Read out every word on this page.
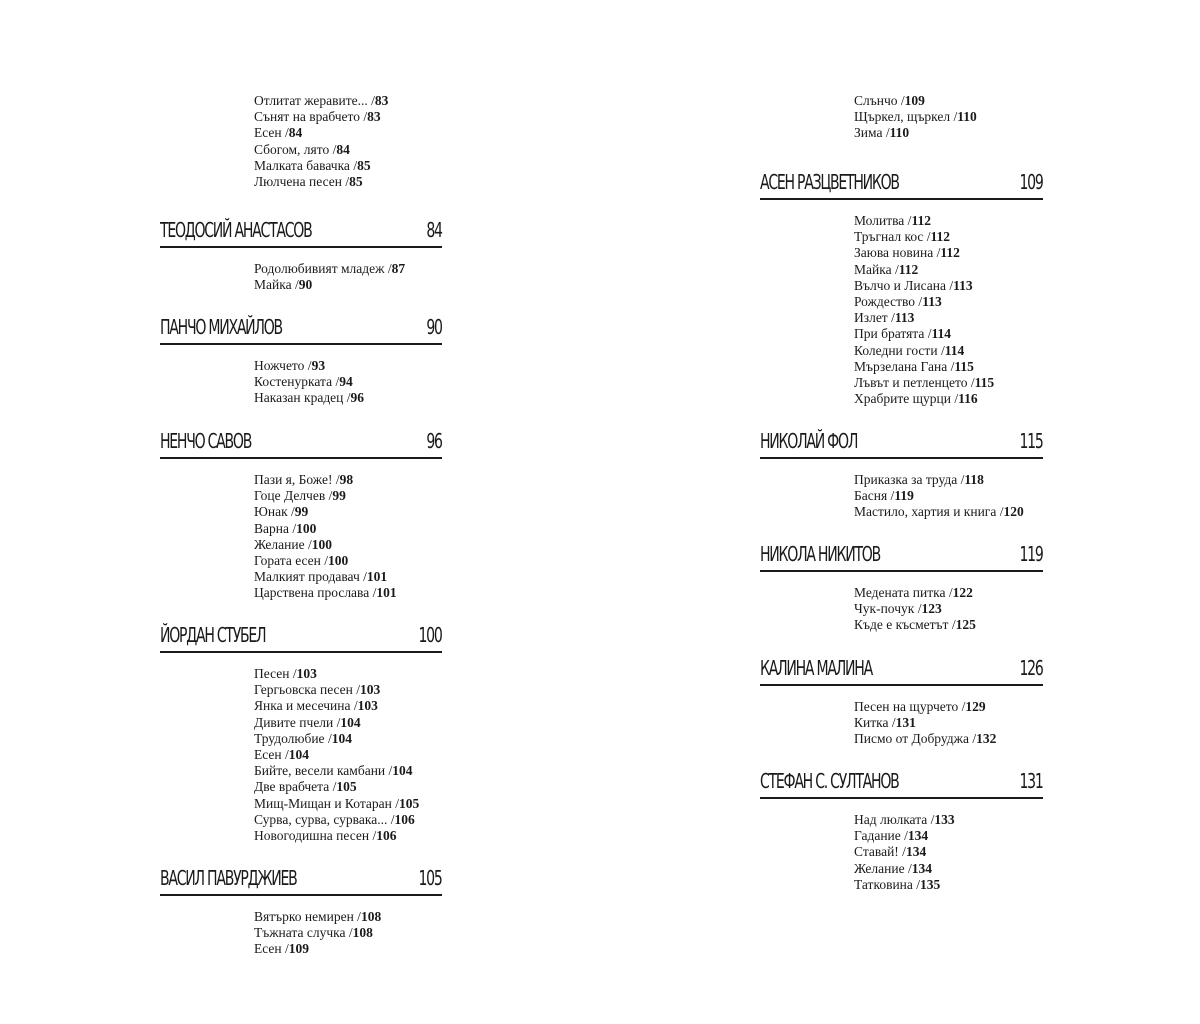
Отлитат жеравите... /83
Сънят на врабчето /83
Есен /84
Сбогом, лято /84
Малката бавачка /85
Люлчена песен /85
ТЕОДОСИЙ АНАСТАСОВ	84
Родолюбивият младеж /87
Майка /90
ПАНЧО МИХАЙЛОВ	90
Ножчето /93
Костенурката /94
Наказан крадец /96
НЕНЧО САВОВ	96
Пази я, Боже! /98
Гоце Делчев /99
Юнак /99
Варна /100
Желание /100
Гората есен /100
Малкият продавач /101
Царствена прослава /101
ЙОРДАН СТУБЕЛ	100
Песен /103
Гергьовска песен /103
Янка и месечина /103
Дивите пчели /104
Трудолюбие /104
Есен /104
Бийте, весели камбани /104
Две врабчета /105
Мищ-Мищан и Котаран /105
Сурва, сурва, сурвака... /106
Новогодишна песен /106
ВАСИЛ ПАВУРДЖИЕВ	105
Вятърко немирен /108
Тъжната случка /108
Есен /109
Слънчо /109
Щъркел, щъркел /110
Зима /110
АСЕН РАЗЦВЕТНИКОВ	109
Молитва /112
Тръгнал кос /112
Заюва новина /112
Майка /112
Вълчо и Лисана /113
Рождество /113
Излет /113
При братята /114
Коледни гости /114
Мързелана Гана /115
Лъвът и петленцето /115
Храбрите щурци /116
НИКОЛАЙ ФОЛ	115
Приказка за труда /118
Басня /119
Мастило, хартия и книга /120
НИКОЛА НИКИТОВ	119
Медената питка /122
Чук-почук /123
Къде е късметът /125
КАЛИНА МАЛИНА	126
Песен на щурчето /129
Китка /131
Писмо от Добруджа /132
СТЕФАН С. СУЛТАНОВ	131
Над люлката /133
Гадание /134
Ставай! /134
Желание /134
Татковина /135
